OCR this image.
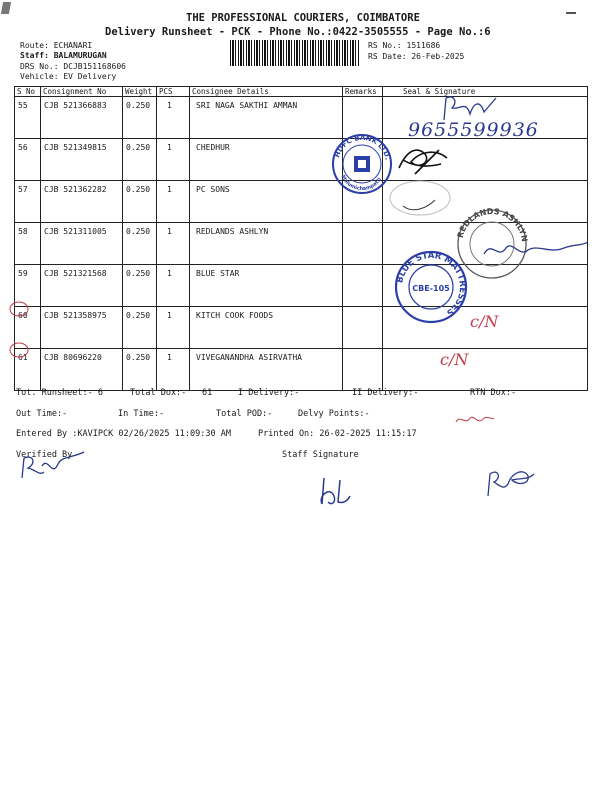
THE PROFESSIONAL COURIERS, COIMBATORE
Delivery Runsheet - PCK - Phone No.:0422-3505555 - Page No.:6
Route: ECHANARI
Staff: BALAMURUGAN
DRS No.: DCJB151168606
Vehicle: EV Delivery
RS No.: 1511686
RS Date: 26-Feb-2025
S No	Consignment No	Weight	PCS	Consignee Details	Remarks	Seal & Signature
55	CJB 521366883	0.250	1	SRI NAGA SAKTHI AMMAN		
56	CJB 521349815	0.250	1	CHEDHUR		
57	CJB 521362282	0.250	1	PC SONS		
58	CJB 521311005	0.250	1	REDLANDS ASHLYN		
59	CJB 521321568	0.250	1	BLUE STAR		
60	CJB 521358975	0.250	1	KITCH COOK FOODS		
61	CJB 80696220	0.250	1	VIVEGANANDHA ASIRVATHA		
9655599936
HDFC BANK LTD.
Malumichampatti
REDLANDS ASHLYN
BLUE STAR MATTRESSES
CBE-105
c/N
c/N
Tot. Runsheet:- 6	Total Dox:- 61	I Delivery:-	II Delivery:-	RTN Dox:-
Out Time:-	In Time:-	Total POD:-	Delvy Points:-
Entered By :KAVIPCK 02/26/2025 11:09:30 AM	Printed On: 26-02-2025 11:15:17
Verified By	Staff Signature
